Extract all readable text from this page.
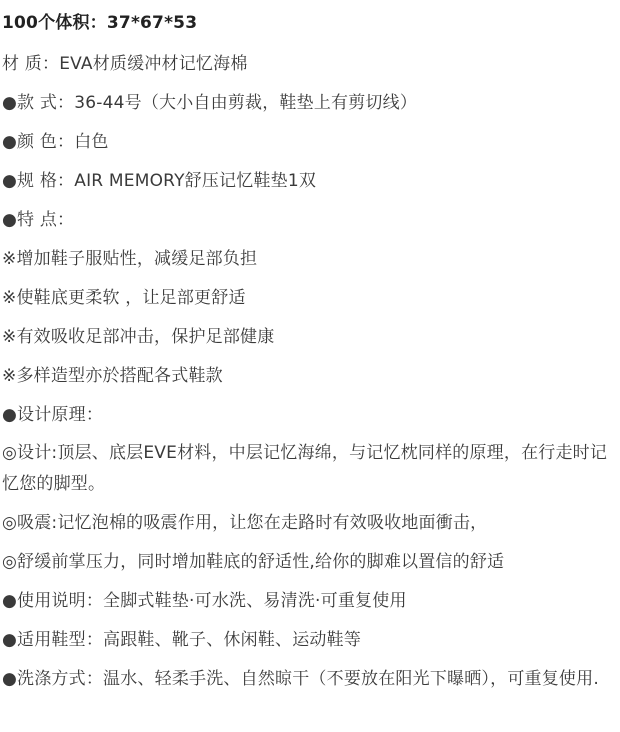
100个体积：37*67*53
材 质：EVA材质缓冲材记忆海棉
●款 式：36-44号（大小自由剪裁，鞋垫上有剪切线）
●颜 色：白色
●规 格：AIR MEMORY舒压记忆鞋垫1双
●特 点：
※增加鞋子服贴性，减缓足部负担
※使鞋底更柔软 ，让足部更舒适
※有效吸收足部冲击，保护足部健康
※多样造型亦於搭配各式鞋款
●设计原理：
◎设计:顶层、底层EVE材料，中层记忆海绵，与记忆枕同样的原理，在行走时记忆您的脚型。
◎吸震:记忆泡棉的吸震作用，让您在走路时有效吸收地面衝击，
◎舒缓前掌压力，同时增加鞋底的舒适性,给你的脚难以置信的舒适
●使用说明：全脚式鞋垫·可水洗、易清洗·可重复使用
●适用鞋型：高跟鞋、靴子、休闲鞋、运动鞋等
●洗涤方式：温水、轻柔手洗、自然晾干（不要放在阳光下曝晒），可重复使用.
